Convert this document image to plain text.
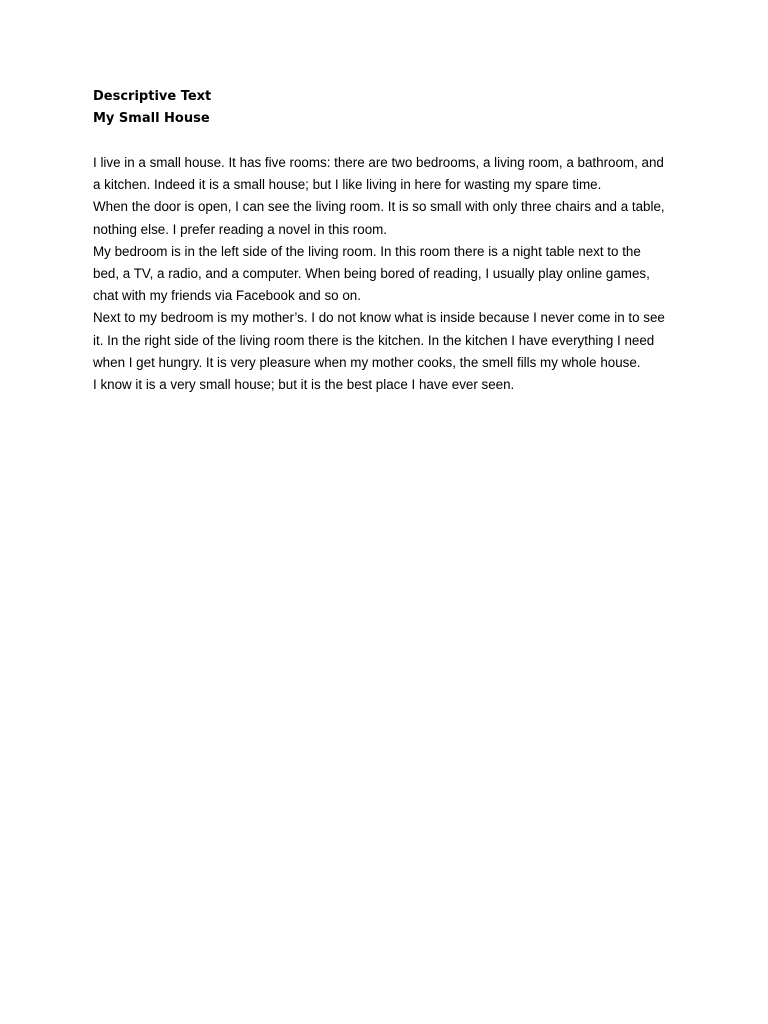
Descriptive Text

My Small House

I live in a small house. It has five rooms: there are two bedrooms, a living room, a bathroom, and
a kitchen. Indeed it is a small house; but I like living in here for wasting my spare time.
When the door is open, I can see the living room. It is so small with only three chairs and a table,
nothing else. I prefer reading a novel in this room.
My bedroom is in the left side of the living room. In this room there is a night table next to the
bed, a TV, a radio, and a computer. When being bored of reading, I usually play online games,
chat with my friends via Facebook and so on.
Next to my bedroom is my mother’s. I do not know what is inside because I never come in to see
it. In the right side of the living room there is the kitchen. In the kitchen I have everything I need
when I get hungry. It is very pleasure when my mother cooks, the smell fills my whole house.
I know it is a very small house; but it is the best place I have ever seen.
